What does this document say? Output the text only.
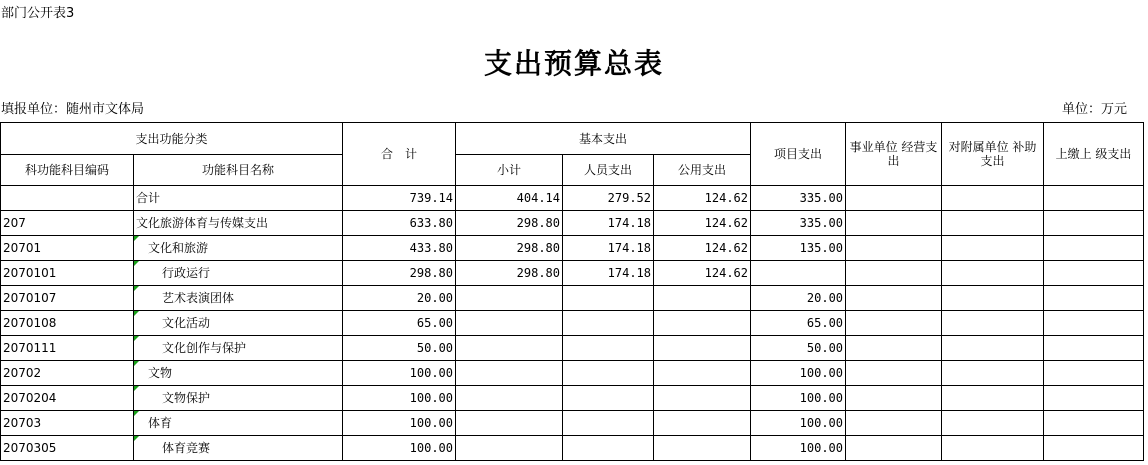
部门公开表3
支出预算总表
填报单位：随州市文体局	单位：万元
支出功能分类		合　计	基本支出			项目支出	事业单位 经营支出	对附属单位 补助支出	上缴上 级支出
科功能科目编码	功能科目名称		小计	人员支出	公用支出				
	合计	739.14	404.14	279.52	124.62	335.00			
207	文化旅游体育与传媒支出	633.80	298.80	174.18	124.62	335.00			
20701	文化和旅游	433.80	298.80	174.18	124.62	135.00			
2070101	行政运行	298.80	298.80	174.18	124.62				
2070107	艺术表演团体	20.00				20.00			
2070108	文化活动	65.00				65.00			
2070111	文化创作与保护	50.00				50.00			
20702	文物	100.00				100.00			
2070204	文物保护	100.00				100.00			
20703	体育	100.00				100.00			
2070305	体育竞赛	100.00				100.00			
